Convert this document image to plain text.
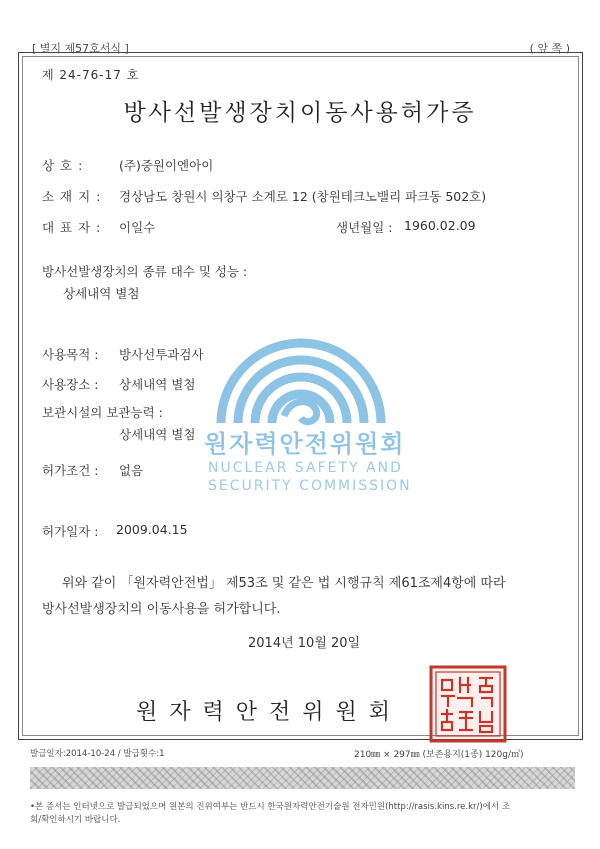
[ 별지 제57호서식 ]	( 앞 쪽 )
제 24-76-17 호
방사선발생장치이동사용허가증
원자력안전위원회
NUCLEAR SAFETY AND
SECURITY COMMISSION
상 호 :	(주)중원이엔아이
소 재 지 : 경상남도 창원시 의창구 소계로 12 (창원테크노밸리 파크동 502호)
대 표 자 : 이일수	생년월일 : 1960.02.09
방사선발생장치의 종류 대수 및 성능 :
상세내역 별첨
사용목적 : 방사선투과검사
사용장소 : 상세내역 별첨
보관시설의 보관능력 :
상세내역 별첨
허가조건 : 없음
허가일자 : 2009.04.15
위와 같이 「원자력안전법」 제53조 및 같은 법 시행규칙 제61조제4항에 따라
방사선발생장치의 이동사용을 허가합니다.
2014년 10월 20일
원자력안전위원회
발급일자:2014-10-24 / 발급횟수:1	210㎜ × 297㎜ (보존용지(1종) 120g/㎡)
•본 증서는 인터넷으로 발급되었으며 원본의 진위여부는 반드시 한국원자력안전기술원 전자민원(http://rasis.kins.re.kr/)에서 조
회/확인하시기 바랍니다.
